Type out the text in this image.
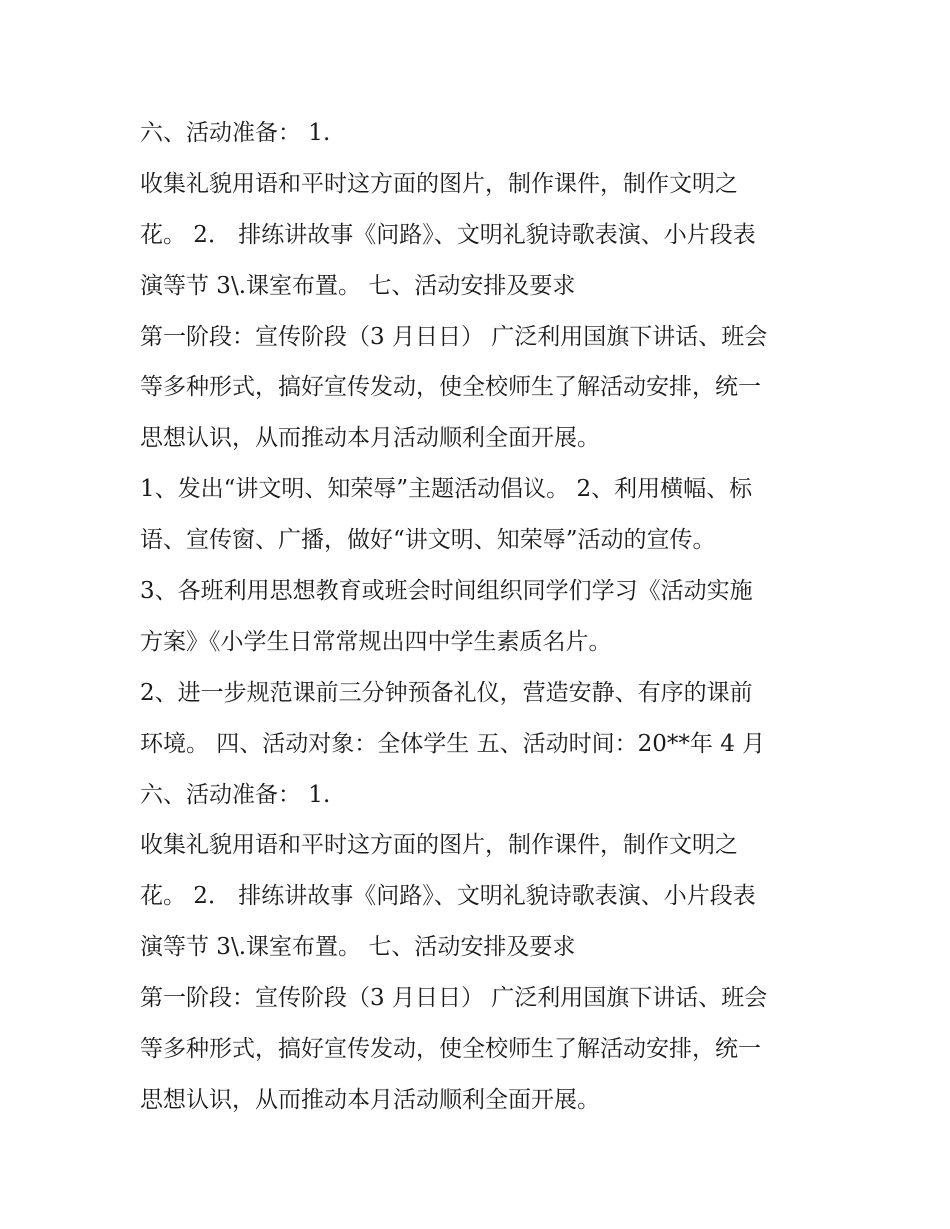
六、活动准备： 1.
收集礼貌用语和平时这方面的图片，制作课件，制作文明之
花。 2． 排练讲故事《问路》、文明礼貌诗歌表演、小片段表
演等节 3\.课室布置。 七、活动安排及要求
第一阶段：宣传阶段（3 月日日） 广泛利用国旗下讲话、班会
等多种形式，搞好宣传发动，使全校师生了解活动安排，统一
思想认识，从而推动本月活动顺利全面开展。
1、发出“讲文明、知荣辱”主题活动倡议。 2、利用横幅、标
语、宣传窗、广播，做好“讲文明、知荣辱”活动的宣传。
3、各班利用思想教育或班会时间组织同学们学习《活动实施
方案》《小学生日常常规出四中学生素质名片。
2、进一步规范课前三分钟预备礼仪，营造安静、有序的课前
环境。 四、活动对象：全体学生 五、活动时间：20**年 4 月
六、活动准备： 1.
收集礼貌用语和平时这方面的图片，制作课件，制作文明之
花。 2． 排练讲故事《问路》、文明礼貌诗歌表演、小片段表
演等节 3\.课室布置。 七、活动安排及要求
第一阶段：宣传阶段（3 月日日） 广泛利用国旗下讲话、班会
等多种形式，搞好宣传发动，使全校师生了解活动安排，统一
思想认识，从而推动本月活动顺利全面开展。
